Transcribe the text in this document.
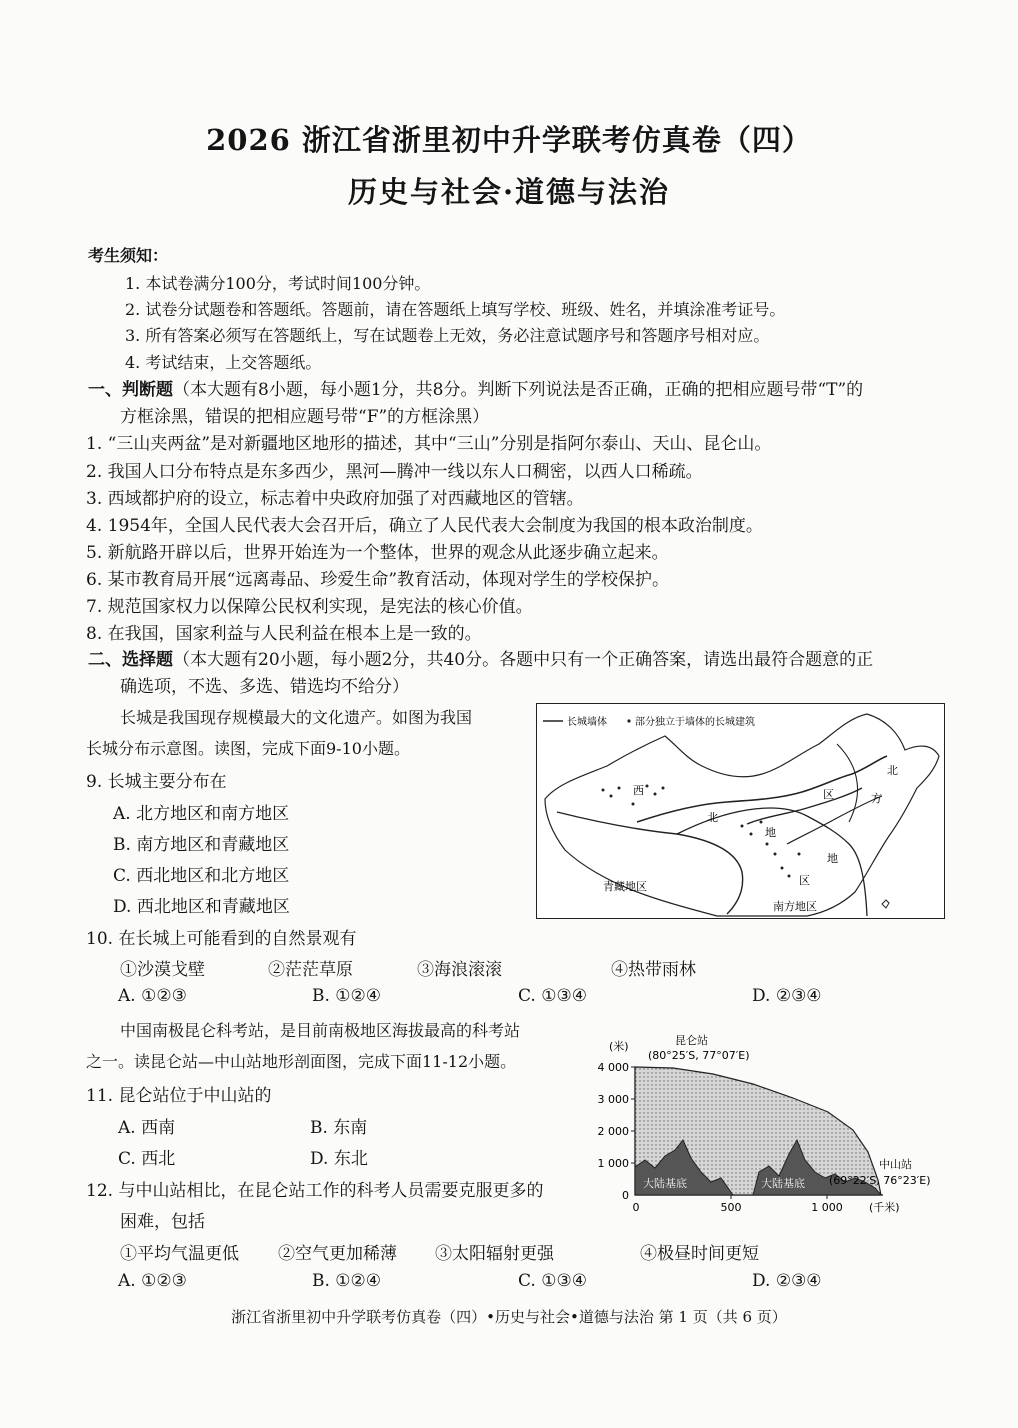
2026 浙江省浙里初中升学联考仿真卷（四）
历史与社会·道德与法治
考生须知：
1. 本试卷满分100分，考试时间100分钟。
2. 试卷分试题卷和答题纸。答题前，请在答题纸上填写学校、班级、姓名，并填涂准考证号。
3. 所有答案必须写在答题纸上，写在试题卷上无效，务必注意试题序号和答题序号相对应。
4. 考试结束，上交答题纸。
一、判断题（本大题有8小题，每小题1分，共8分。判断下列说法是否正确，正确的把相应题号带“T”的
方框涂黑，错误的把相应题号带“F”的方框涂黑）
1. “三山夹两盆”是对新疆地区地形的描述，其中“三山”分别是指阿尔泰山、天山、昆仑山。
2. 我国人口分布特点是东多西少，黑河—腾冲一线以东人口稠密，以西人口稀疏。
3. 西域都护府的设立，标志着中央政府加强了对西藏地区的管辖。
4. 1954年，全国人民代表大会召开后，确立了人民代表大会制度为我国的根本政治制度。
5. 新航路开辟以后，世界开始连为一个整体，世界的观念从此逐步确立起来。
6. 某市教育局开展“远离毒品、珍爱生命”教育活动，体现对学生的学校保护。
7. 规范国家权力以保障公民权利实现，是宪法的核心价值。
8. 在我国，国家利益与人民利益在根本上是一致的。
二、选择题（本大题有20小题，每小题2分，共40分。各题中只有一个正确答案，请选出最符合题意的正
确选项，不选、多选、错选均不给分）
长城是我国现存规模最大的文化遗产。如图为我国
长城分布示意图。读图，完成下面9-10小题。
9. 长城主要分布在
A. 北方地区和南方地区
B. 南方地区和青藏地区
C. 西北地区和北方地区
D. 西北地区和青藏地区
长城墙体	部分独立于墙体的长城建筑
西
北
地
区
北
方
地
区
青藏地区
南方地区
10. 在长城上可能看到的自然景观有
①沙漠戈壁	②茫茫草原	③海浪滚滚	④热带雨林
A. ①②③	B. ①②④	C. ①③④	D. ②③④
中国南极昆仑科考站，是目前南极地区海拔最高的科考站
之一。读昆仑站—中山站地形剖面图，完成下面11-12小题。
11. 昆仑站位于中山站的
A. 西南	B. 东南
C. 西北	D. 东北
12. 与中山站相比，在昆仑站工作的科考人员需要克服更多的
困难，包括
①平均气温更低 ②空气更加稀薄 ③太阳辐射更强	④极昼时间更短
A. ①②③	B. ①②④	C. ①③④	D. ②③④
(米)	昆仑站
(80°25′S, 77°07′E)
4 000
3 000
2 000
1 000
0
大陆基底	大陆基底
0	500	1 000 (千米)
中山站
(69°22′S, 76°23′E)
浙江省浙里初中升学联考仿真卷（四）•历史与社会•道德与法治 第 1 页（共 6 页）
